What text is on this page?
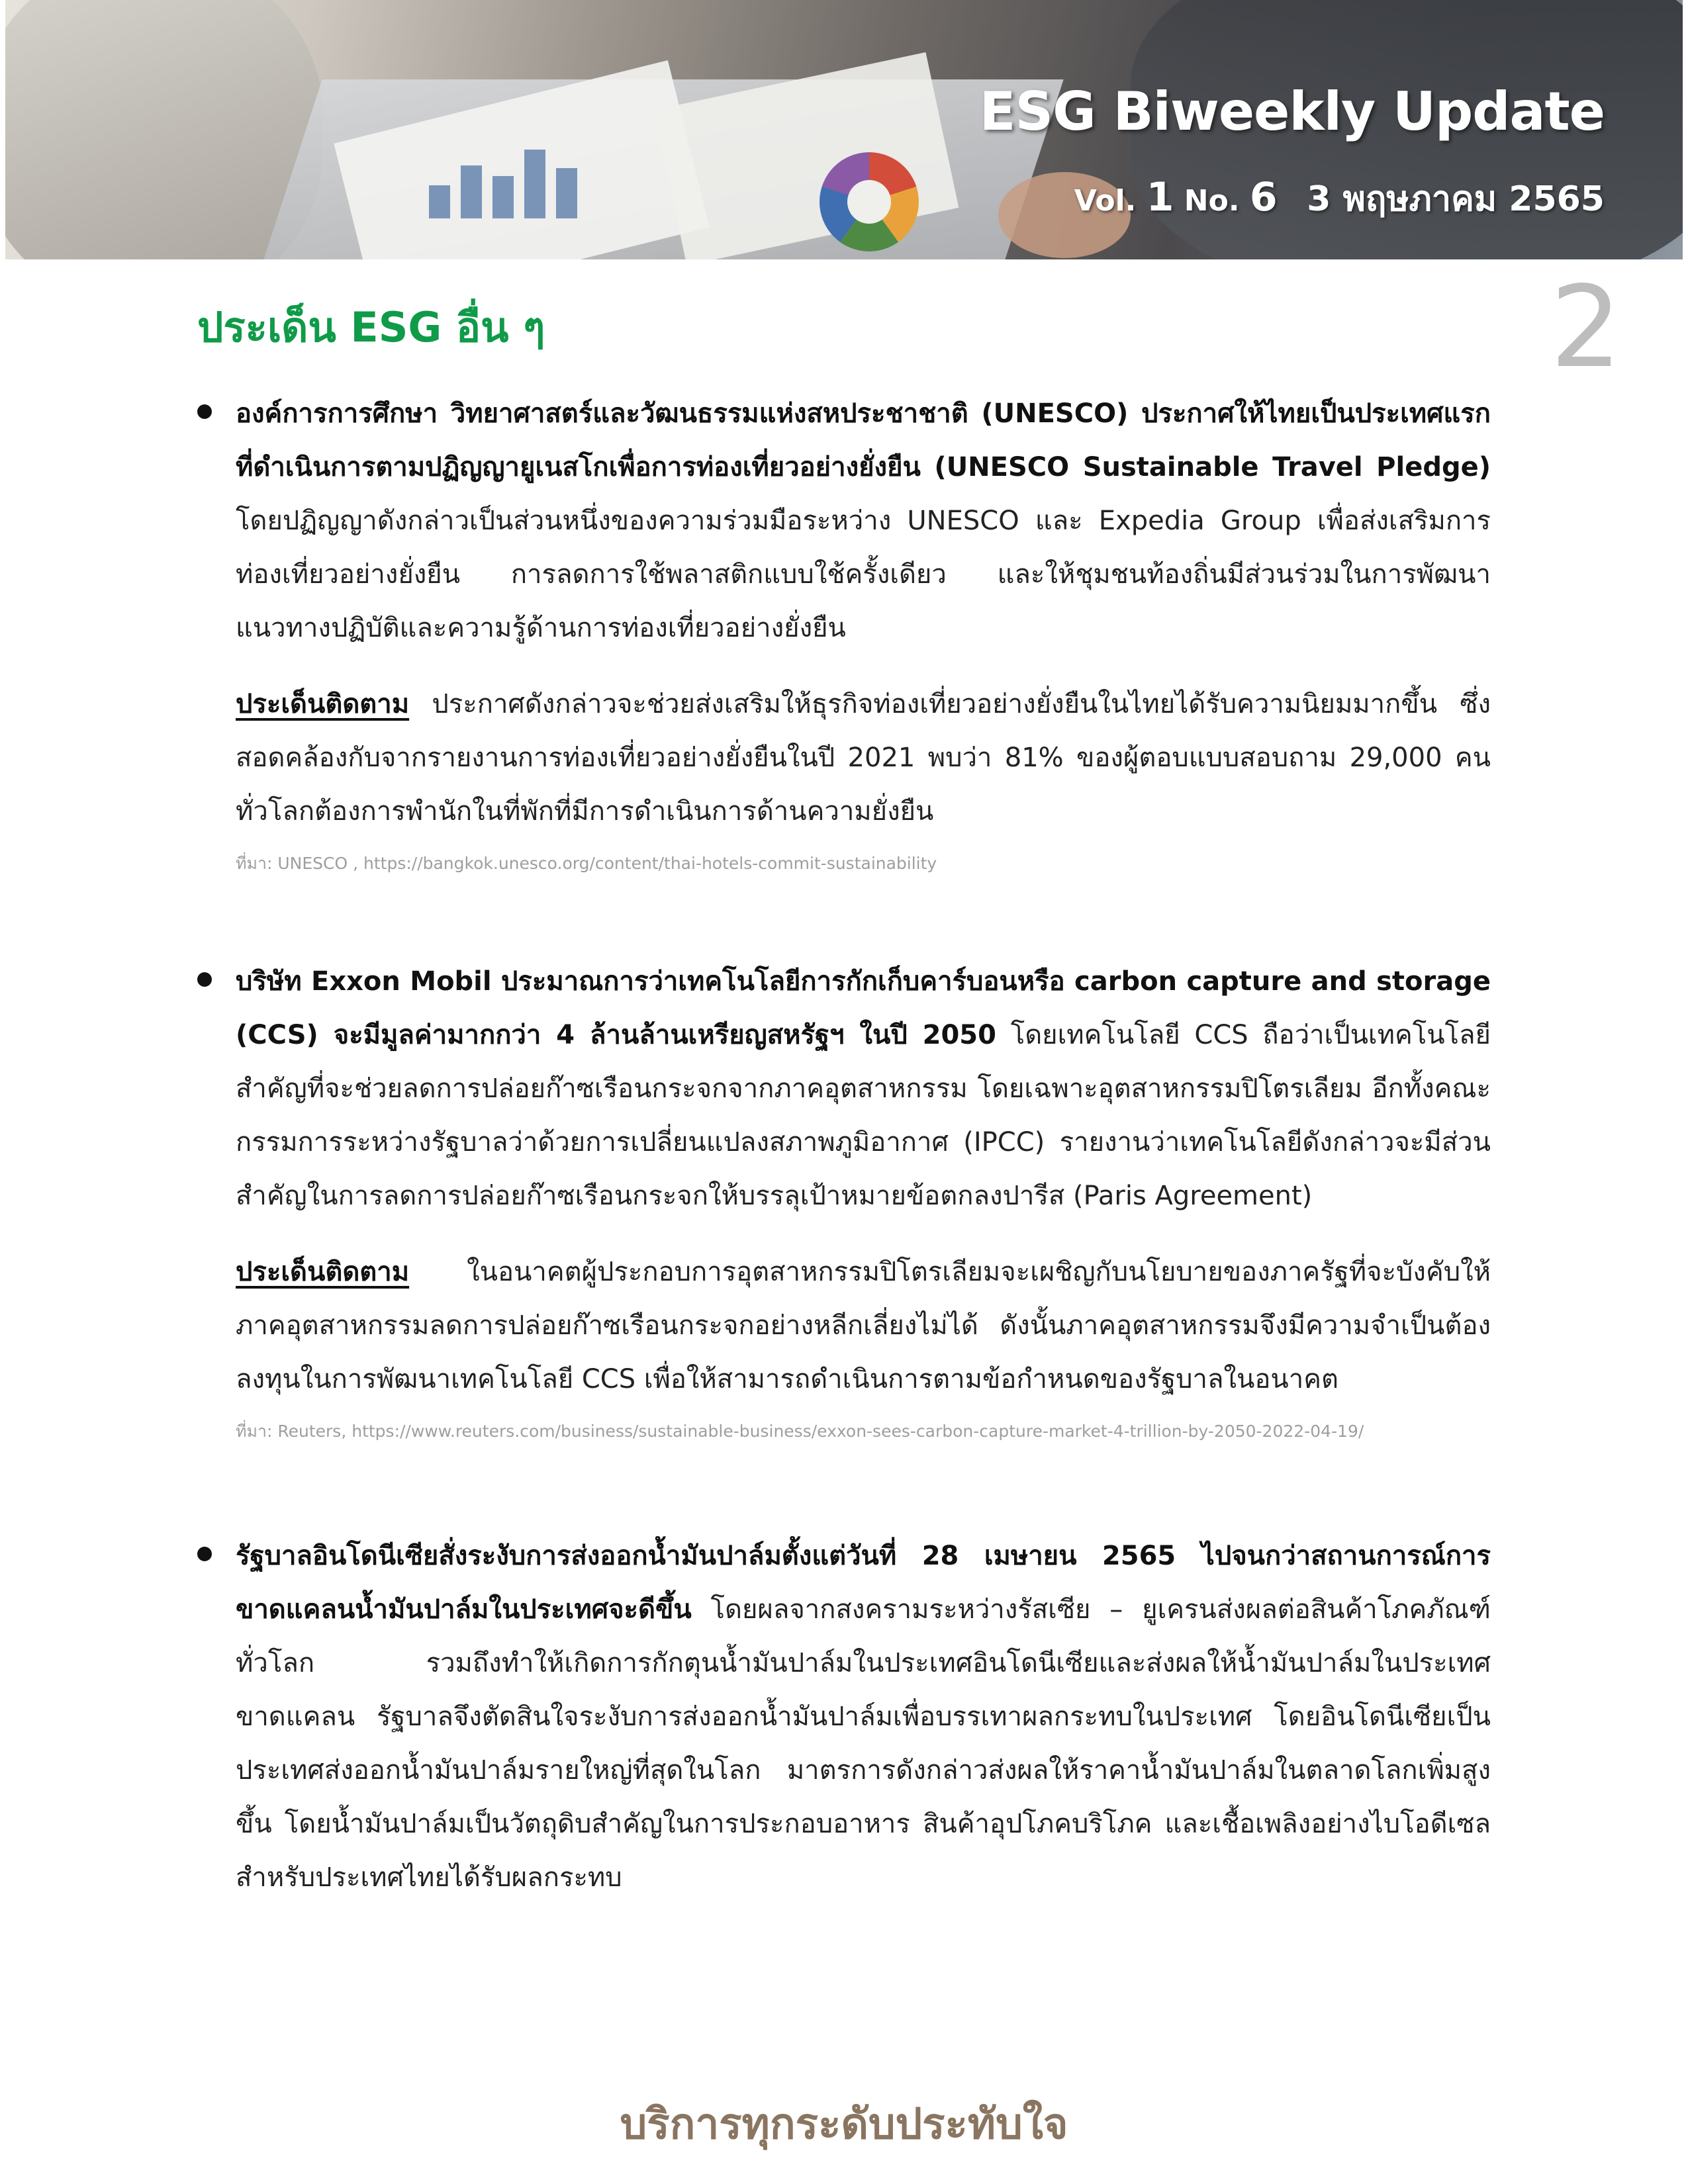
ESG Biweekly Update
Vol. 1 No. 6 3 พฤษภาคม 2565
ประเด็น ESG อื่น ๆ	2

องค์การการศึกษา วิทยาศาสตร์และวัฒนธรรมแห่งสหประชาชาติ (UNESCO) ประกาศให้ไทยเป็นประเทศแรกที่ดำเนินการตามปฏิญญายูเนสโกเพื่อการท่องเที่ยวอย่างยั่งยืน (UNESCO Sustainable Travel Pledge) โดยปฏิญญาดังกล่าวเป็นส่วนหนึ่งของความร่วมมือระหว่าง UNESCO และ Expedia Group เพื่อส่งเสริมการท่องเที่ยวอย่างยั่งยืน การลดการใช้พลาสติกแบบใช้ครั้งเดียว และให้ชุมชนท้องถิ่นมีส่วนร่วมในการพัฒนาแนวทางปฏิบัติและความรู้ด้านการท่องเที่ยวอย่างยั่งยืน

ประเด็นติดตาม ประกาศดังกล่าวจะช่วยส่งเสริมให้ธุรกิจท่องเที่ยวอย่างยั่งยืนในไทยได้รับความนิยมมากขึ้น ซึ่งสอดคล้องกับจากรายงานการท่องเที่ยวอย่างยั่งยืนในปี 2021 พบว่า 81% ของผู้ตอบแบบสอบถาม 29,000 คนทั่วโลกต้องการพำนักในที่พักที่มีการดำเนินการด้านความยั่งยืน

ที่มา: UNESCO , https://bangkok.unesco.org/content/thai-hotels-commit-sustainability

บริษัท Exxon Mobil ประมาณการว่าเทคโนโลยีการกักเก็บคาร์บอนหรือ carbon capture and storage (CCS) จะมีมูลค่ามากกว่า 4 ล้านล้านเหรียญสหรัฐฯ ในปี 2050 โดยเทคโนโลยี CCS ถือว่าเป็นเทคโนโลยีสำคัญที่จะช่วยลดการปล่อยก๊าซเรือนกระจกจากภาคอุตสาหกรรม โดยเฉพาะอุตสาหกรรมปิโตรเลียม อีกทั้งคณะกรรมการระหว่างรัฐบาลว่าด้วยการเปลี่ยนแปลงสภาพภูมิอากาศ (IPCC) รายงานว่าเทคโนโลยีดังกล่าวจะมีส่วนสำคัญในการลดการปล่อยก๊าซเรือนกระจกให้บรรลุเป้าหมายข้อตกลงปารีส (Paris Agreement)

ประเด็นติดตาม ในอนาคตผู้ประกอบการอุตสาหกรรมปิโตรเลียมจะเผชิญกับนโยบายของภาครัฐที่จะบังคับให้ภาคอุตสาหกรรมลดการปล่อยก๊าซเรือนกระจกอย่างหลีกเลี่ยงไม่ได้ ดังนั้นภาคอุตสาหกรรมจึงมีความจำเป็นต้องลงทุนในการพัฒนาเทคโนโลยี CCS เพื่อให้สามารถดำเนินการตามข้อกำหนดของรัฐบาลในอนาคต

ที่มา: Reuters, https://www.reuters.com/business/sustainable-business/exxon-sees-carbon-capture-market-4-trillion-by-2050-2022-04-19/

รัฐบาลอินโดนีเซียสั่งระงับการส่งออกน้ำมันปาล์มตั้งแต่วันที่ 28 เมษายน 2565 ไปจนกว่าสถานการณ์การขาดแคลนน้ำมันปาล์มในประเทศจะดีขึ้น โดยผลจากสงครามระหว่างรัสเซีย – ยูเครนส่งผลต่อสินค้าโภคภัณฑ์ทั่วโลก รวมถึงทำให้เกิดการกักตุนน้ำมันปาล์มในประเทศอินโดนีเซียและส่งผลให้น้ำมันปาล์มในประเทศขาดแคลน รัฐบาลจึงตัดสินใจระงับการส่งออกน้ำมันปาล์มเพื่อบรรเทาผลกระทบในประเทศ โดยอินโดนีเซียเป็นประเทศส่งออกน้ำมันปาล์มรายใหญ่ที่สุดในโลก มาตรการดังกล่าวส่งผลให้ราคาน้ำมันปาล์มในตลาดโลกเพิ่มสูงขึ้น โดยน้ำมันปาล์มเป็นวัตถุดิบสำคัญในการประกอบอาหาร สินค้าอุปโภคบริโภค และเชื้อเพลิงอย่างไบโอดีเซล สำหรับประเทศไทยได้รับผลกระทบ

บริการทุกระดับประทับใจ
